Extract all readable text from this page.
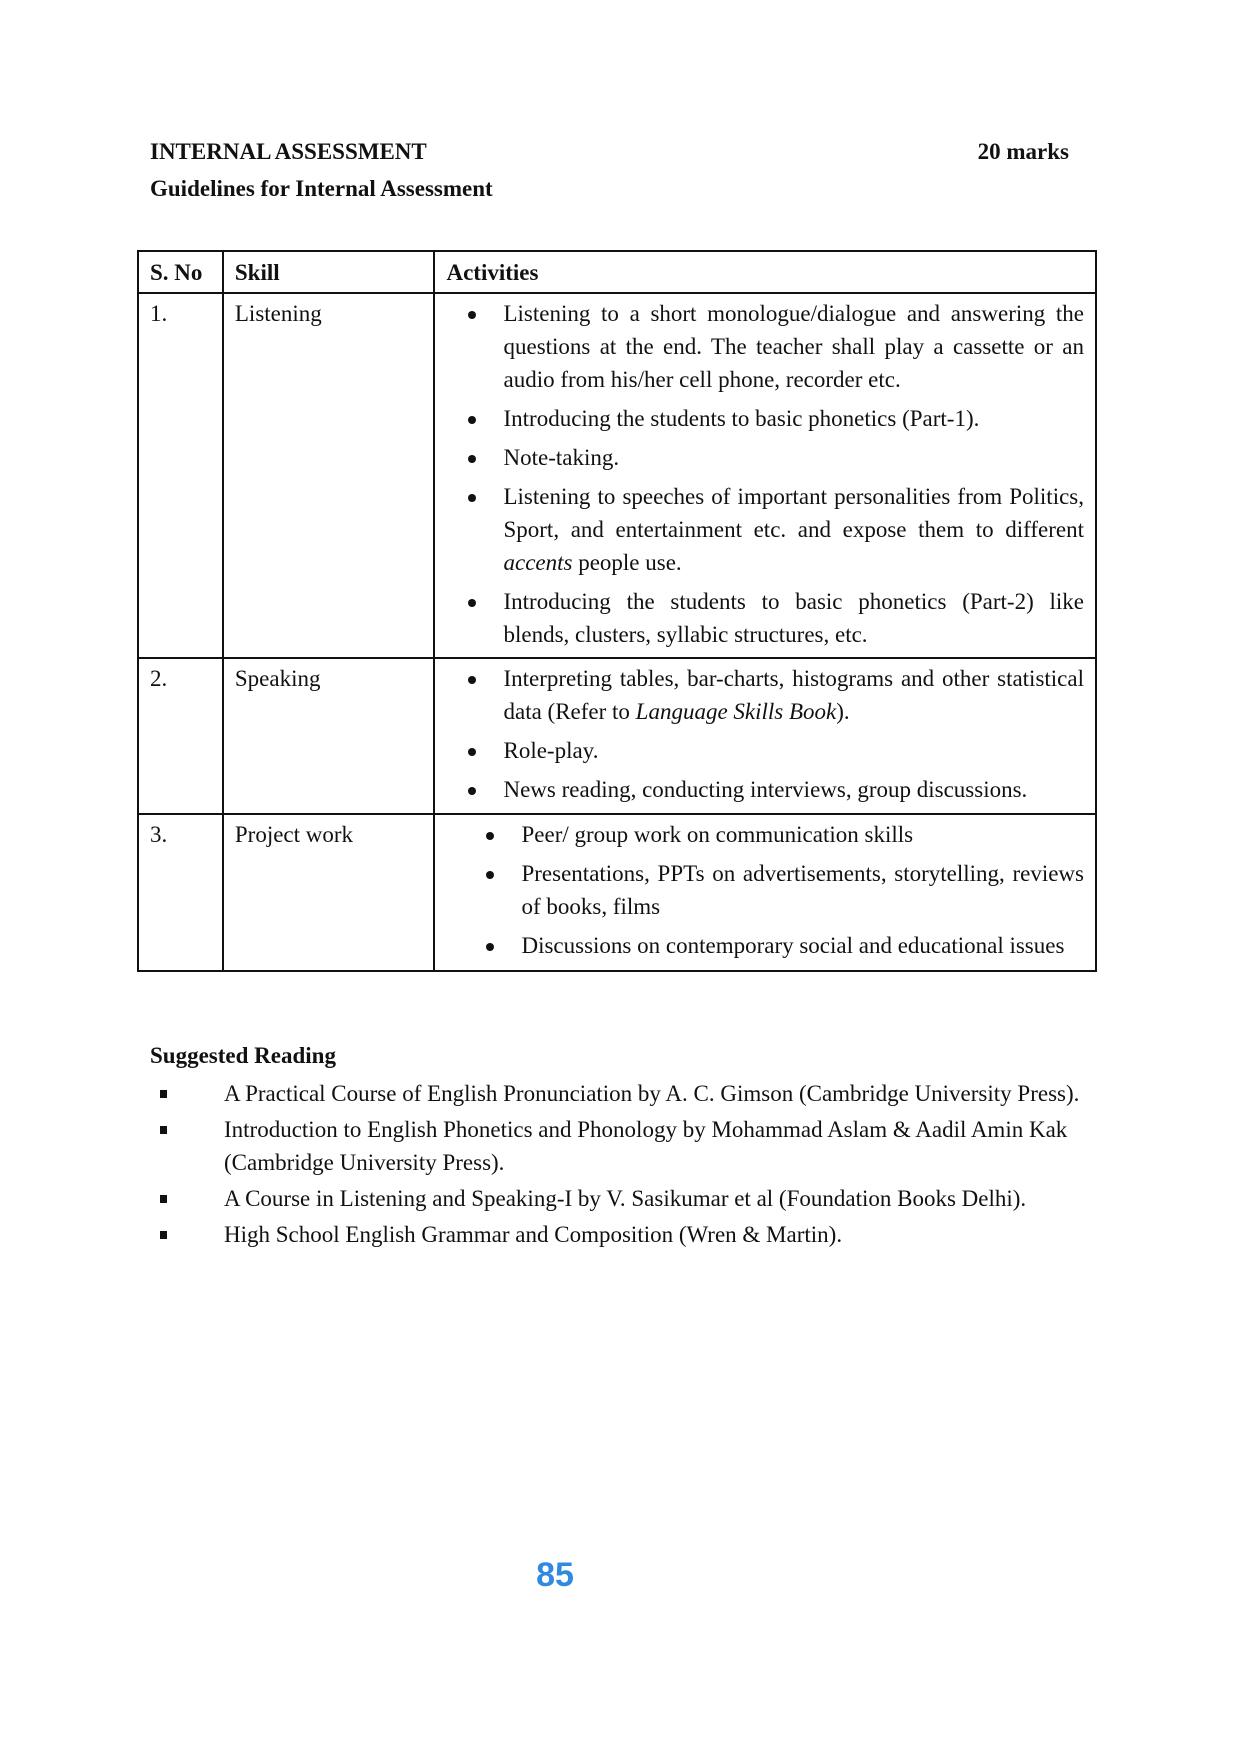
INTERNAL ASSESSMENT	20 marks
Guidelines for Internal Assessment
S. No	Skill	Activities
1.	Listening	Listening to a short monologue/dialogue and answering the questions at the end. The teacher shall play a cassette or an audio from his/her cell phone, recorder etc.
Introducing the students to basic phonetics (Part-1).
Note-taking.
Listening to speeches of important personalities from Politics, Sport, and entertainment etc. and expose them to different accents people use.
Introducing the students to basic phonetics (Part-2) like blends, clusters, syllabic structures, etc.

2.	Speaking	Interpreting tables, bar-charts, histograms and other statistical data (Refer to Language Skills Book).
Role-play.
News reading, conducting interviews, group discussions.

3.	Project work	Peer/ group work on communication skills
Presentations, PPTs on advertisements, storytelling, reviews of books, films
Discussions on contemporary social and educational issues
Suggested Reading
A Practical Course of English Pronunciation by A. C. Gimson (Cambridge University Press).
Introduction to English Phonetics and Phonology by Mohammad Aslam & Aadil Amin Kak (Cambridge University Press).
A Course in Listening and Speaking-I by V. Sasikumar et al (Foundation Books Delhi).
High School English Grammar and Composition (Wren & Martin).
85
